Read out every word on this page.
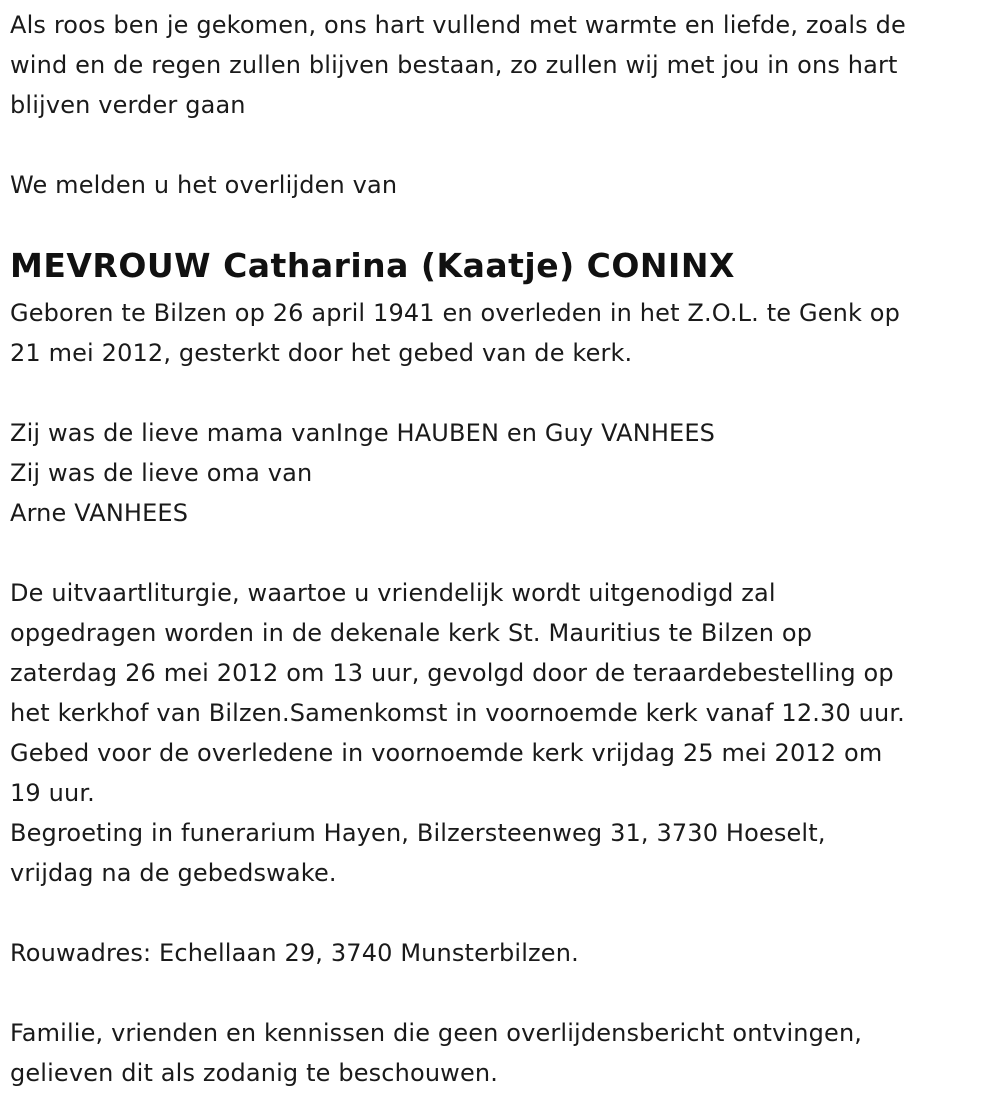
Als roos ben je gekomen, ons hart vullend met warmte en liefde, zoals de

wind en de regen zullen blijven bestaan, zo zullen wij met jou in ons hart

blijven verder gaan

We melden u het overlijden van

MEVROUW Catharina (Kaatje) CONINX

Geboren te Bilzen op 26 april 1941 en overleden in het Z.O.L. te Genk op

21 mei 2012, gesterkt door het gebed van de kerk.

Zij was de lieve mama vanInge HAUBEN en Guy VANHEES

Zij was de lieve oma van

Arne VANHEES

De uitvaartliturgie, waartoe u vriendelijk wordt uitgenodigd zal

opgedragen worden in de dekenale kerk St. Mauritius te Bilzen op

zaterdag 26 mei 2012 om 13 uur, gevolgd door de teraardebestelling op

het kerkhof van Bilzen.Samenkomst in voornoemde kerk vanaf 12.30 uur.

Gebed voor de overledene in voornoemde kerk vrijdag 25 mei 2012 om

19 uur.

Begroeting in funerarium Hayen, Bilzersteenweg 31, 3730 Hoeselt,

vrijdag na de gebedswake.

Rouwadres: Echellaan 29, 3740 Munsterbilzen.

Familie, vrienden en kennissen die geen overlijdensbericht ontvingen,

gelieven dit als zodanig te beschouwen.
